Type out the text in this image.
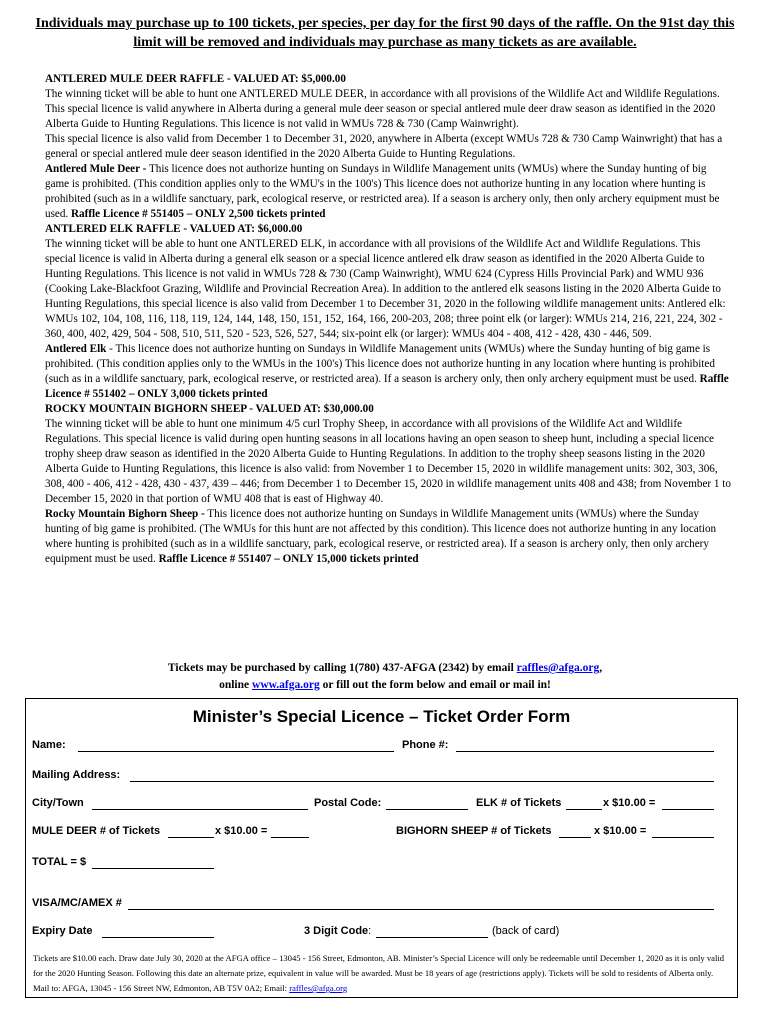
Individuals may purchase up to 100 tickets, per species, per day for the first 90 days of the raffle. On the 91st day this limit will be removed and individuals may purchase as many tickets as are available.

ANTLERED MULE DEER RAFFLE - VALUED AT: $5,000.00

The winning ticket will be able to hunt one ANTLERED MULE DEER, in accordance with all provisions of the Wildlife Act and Wildlife Regulations. This special licence is valid anywhere in Alberta during a general mule deer season or special antlered mule deer draw season as identified in the 2020 Alberta Guide to Hunting Regulations. This licence is not valid in WMUs 728 & 730 (Camp Wainwright).

This special licence is also valid from December 1 to December 31, 2020, anywhere in Alberta (except WMUs 728 & 730 Camp Wainwright) that has a general or special antlered mule deer season identified in the 2020 Alberta Guide to Hunting Regulations.

Antlered Mule Deer - This licence does not authorize hunting on Sundays in Wildlife Management units (WMUs) where the Sunday hunting of big game is prohibited. (This condition applies only to the WMU's in the 100's) This licence does not authorize hunting in any location where hunting is prohibited (such as in a wildlife sanctuary, park, ecological reserve, or restricted area). If a season is archery only, then only archery equipment must be used. Raffle Licence # 551405 – ONLY 2,500 tickets printed

ANTLERED ELK RAFFLE - VALUED AT: $6,000.00

The winning ticket will be able to hunt one ANTLERED ELK, in accordance with all provisions of the Wildlife Act and Wildlife Regulations. This special licence is valid in Alberta during a general elk season or a special licence antlered elk draw season as identified in the 2020 Alberta Guide to Hunting Regulations. This licence is not valid in WMUs 728 & 730 (Camp Wainwright), WMU 624 (Cypress Hills Provincial Park) and WMU 936 (Cooking Lake-Blackfoot Grazing, Wildlife and Provincial Recreation Area). In addition to the antlered elk seasons listing in the 2020 Alberta Guide to Hunting Regulations, this special licence is also valid from December 1 to December 31, 2020 in the following wildlife management units: Antlered elk: WMUs 102, 104, 108, 116, 118, 119, 124, 144, 148, 150, 151, 152, 164, 166, 200-203, 208; three point elk (or larger): WMUs 214, 216, 221, 224, 302 - 360, 400, 402, 429, 504 - 508, 510, 511, 520 - 523, 526, 527, 544; six-point elk (or larger): WMUs 404 - 408, 412 - 428, 430 - 446, 509.

Antlered Elk - This licence does not authorize hunting on Sundays in Wildlife Management units (WMUs) where the Sunday hunting of big game is prohibited. (This condition applies only to the WMUs in the 100's) This licence does not authorize hunting in any location where hunting is prohibited (such as in a wildlife sanctuary, park, ecological reserve, or restricted area). If a season is archery only, then only archery equipment must be used. Raffle Licence # 551402 – ONLY 3,000 tickets printed

ROCKY MOUNTAIN BIGHORN SHEEP - VALUED AT: $30,000.00

The winning ticket will be able to hunt one minimum 4/5 curl Trophy Sheep, in accordance with all provisions of the Wildlife Act and Wildlife Regulations. This special licence is valid during open hunting seasons in all locations having an open season to sheep hunt, including a special licence trophy sheep draw season as identified in the 2020 Alberta Guide to Hunting Regulations. In addition to the trophy sheep seasons listing in the 2020 Alberta Guide to Hunting Regulations, this licence is also valid: from November 1 to December 15, 2020 in wildlife management units: 302, 303, 306, 308, 400 - 406, 412 - 428, 430 - 437, 439 – 446; from December 1 to December 15, 2020 in wildlife management units 408 and 438; from November 1 to December 15, 2020 in that portion of WMU 408 that is east of Highway 40.

Rocky Mountain Bighorn Sheep - This licence does not authorize hunting on Sundays in Wildlife Management units (WMUs) where the Sunday hunting of big game is prohibited. (The WMUs for this hunt are not affected by this condition). This licence does not authorize hunting in any location where hunting is prohibited (such as in a wildlife sanctuary, park, ecological reserve, or restricted area). If a season is archery only, then only archery equipment must be used. Raffle Licence # 551407 – ONLY 15,000 tickets printed

Tickets may be purchased by calling 1(780) 437-AFGA (2342) by email raffles@afga.org,
online www.afga.org or fill out the form below and email or mail in!
Minister’s Special Licence – Ticket Order Form
Name:	Phone #:
Mailing Address:
City/Town	Postal Code:	ELK # of Tickets	x $10.00 =
MULE DEER # of Tickets	x $10.00 =	BIGHORN SHEEP # of Tickets	x $10.00 =
TOTAL = $
VISA/MC/AMEX #
Expiry Date	3 Digit Code:	(back of card)
Tickets are $10.00 each. Draw date July 30, 2020 at the AFGA office – 13045 - 156 Street, Edmonton, AB. Minister’s Special Licence will only be redeemable until December 1, 2020 as it is only valid for the 2020 Hunting Season. Following this date an alternate prize, equivalent in value will be awarded. Must be 18 years of age (restrictions apply). Tickets will be sold to residents of Alberta only. Mail to: AFGA, 13045 - 156 Street NW, Edmonton, AB T5V 0A2; Email: raffles@afga.org
